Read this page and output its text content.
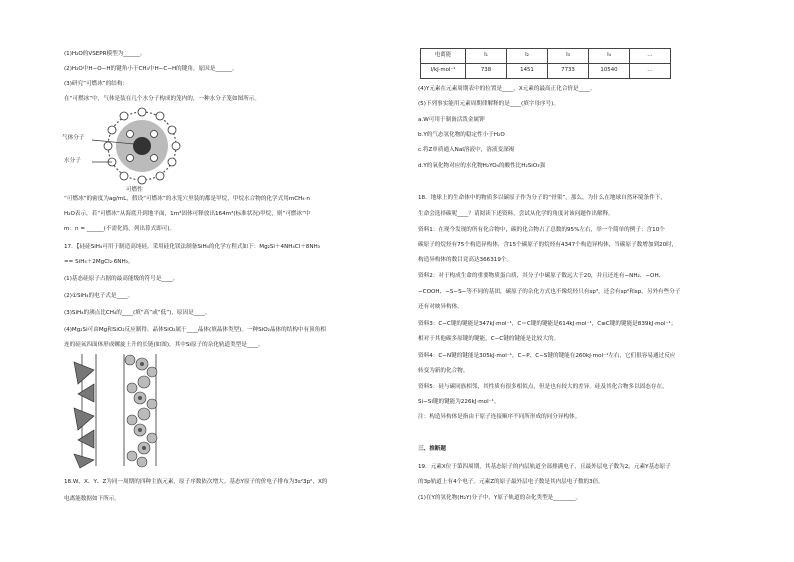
(1)H₂O的VSEPR模型为______。
(2)H₂O中H−O−H的键角小于CH₄中H−C−H的键角，原因是______。
(3)研究“可燃冰”的结构：
在“可燃冰”中，气体是装在几个水分子构成的笼内的，一种水分子笼如图所示。
气体分子
水分子
可燃性
“可燃冰”的密度为ag/mL，假设“可燃冰”的水笼穴里装的都是甲烷，甲烷水合物的化学式用mCH₄·n
H₂O表示，若“可燃冰”从海底升到地平面，1m³固体可释放出164m³(标准状况)甲烷，则“可燃冰”中
m：n = ______(不需化简，列出算式即可)。
17．【硅硅SiH₄可用于制造高纯硅。采用硅化镁法制备SiH₄的化学方程式如下：Mg₂Si＋4NH₄Cl＋8NH₃
== SiH₄＋2MgCl₂·6NH₃。
(1)基态硅原子占据的最高能级的符号是____。
(2)①SiH₄的电子式是____。
(3)SiH₄的沸点比CH₄的____(填“高”或“低”)，原因是____。
(4)Mg₂Si可由Mg和SiO₂反应制得。晶体SiO₂属于____晶体(填晶体类型)。一种SiO₂晶体的结构中有顶角相
连的硅氧四面体形成螺旋上升的长链(如图)，其中Si原子的杂化轨道类型是____。
18.W、X、Y、Z为同一周期的四种主族元素，原子序数依次增大。基态Y原子的价电子排布为3s²3p²，X的
电离能数据如下所示。
电离能	I₁	I₂	I₃	I₄	…
I/kJ·mol⁻¹	738	1451	7733	10540	…
(4)Y元素在元素周期表中的位置是____，X元素的最高正化合价是____。
(5)下列事实能用元素周期律解释的是____(填字母序号)。
a.W可用于制备活泼金属钾
b.Y的气态氢化物的稳定性小于H₂O
c.将Z单质通入NaI溶液中，溶液变深褐
d.Y的氧化物对应的水化物H₂YO₄的酸性比H₂SiO₃强
18．地球上的生命体中的物质多以碳原子作为分子的“骨架”，那么，为什么在地球自然环境条件下，
生命会选择碳呢____？请阅读下述资料，尝试从化学的角度对该问题作出解释。
资料1：在现今发现的所有化合物中，碳的化合物占了总数的95%左右，举一个简单的例子：含10个
碳原子的烷烃有75个构造异构体，含15个碳原子的烷烃有4347个构造异构体，当碳原子数增加到20时，
构造异构体的数目竟高达366319个。
资料2：对于构成生命的重要物质蛋白质，其分子中碳原子数远大于20，并且还连有−NH₂、−OH、
−COOH、−S−S−等不同的基团，碳原子的杂化方式也不像烷烃只有sp³，还会有sp²和sp，另外有些分子
还有对映异构体。
资料3：C−C键的键能是347kJ·mol⁻¹，C＝C键的键能是614kJ·mol⁻¹，C≡C键的键能是839kJ·mol⁻¹；
相对于其他碳多原键的键能，C−C键的键能是比较大的。
资料4：C−N键的键能是305kJ·mol⁻¹，C−P、C−S键的键能在260kJ·mol⁻¹左右，它们很容易通过反应
转变为新的化合物。
资料5：硅与碳同族相邻，其性质有很多相似点，但是也有较大的差异。硅及其化合物多以固态存在，
Si−Si键的键能为226kJ·mol⁻¹。
注：构造异构体是指由于原子连接顺序不同所形成的同分异构体。
三、推断题
19．元素X位于第四周期，其基态原子的内层轨道全部排满电子，且最外层电子数为2。元素Y基态原子
的3p轨道上有4个电子。元素Z的原子最外层电子数是其内层电子数的3倍。
(1)在Y的氢化物(H₂Y)分子中，Y原子轨道的杂化类型是________。
